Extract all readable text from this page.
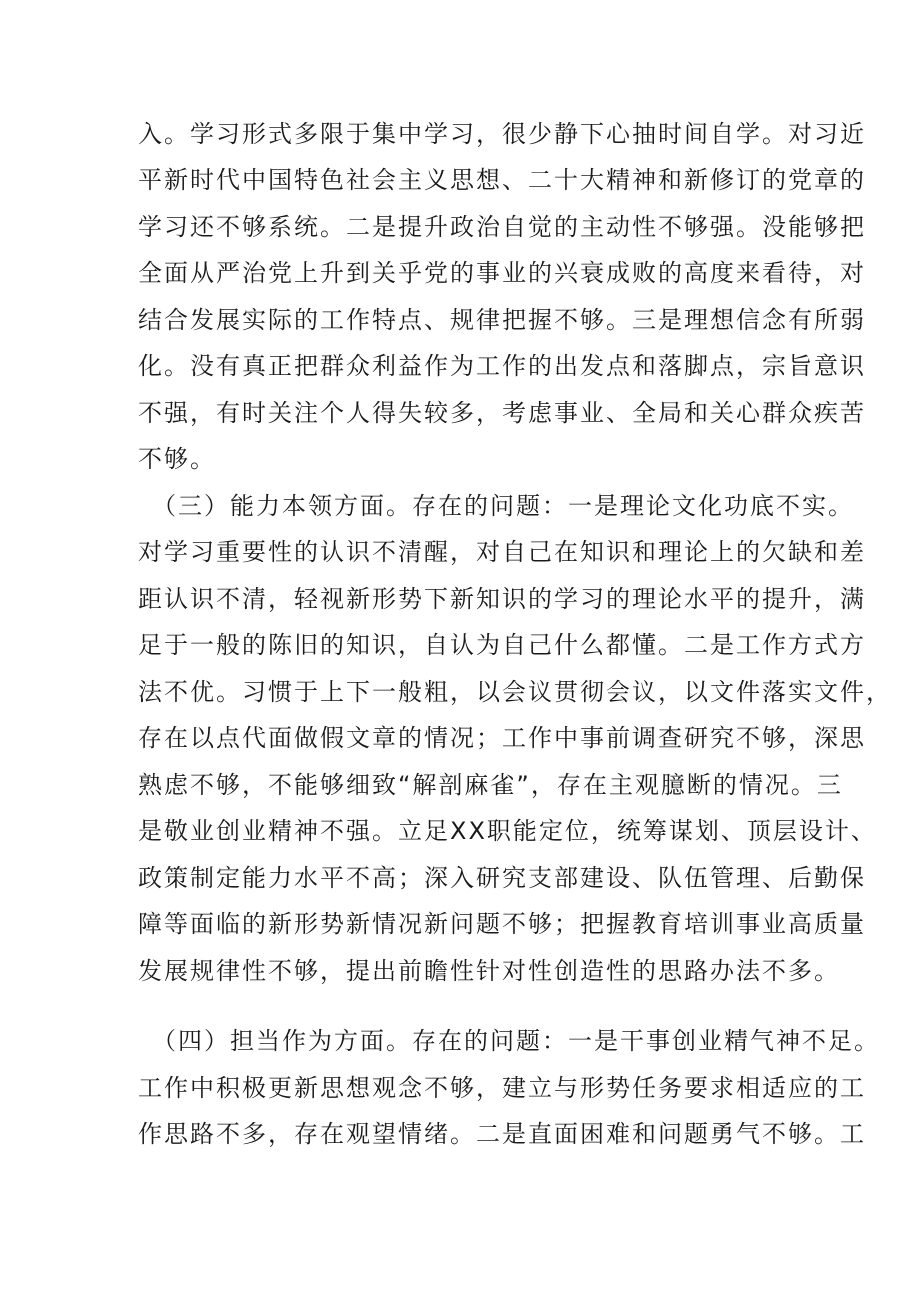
入。学习形式多限于集中学习，很少静下心抽时间自学。对习近
平新时代中国特色社会主义思想、二十大精神和新修订的党章的
学习还不够系统。二是提升政治自觉的主动性不够强。没能够把
全面从严治党上升到关乎党的事业的兴衰成败的高度来看待，对
结合发展实际的工作特点、规律把握不够。三是理想信念有所弱
化。没有真正把群众利益作为工作的出发点和落脚点，宗旨意识
不强，有时关注个人得失较多，考虑事业、全局和关心群众疾苦
不够。
（三）能力本领方面。存在的问题：一是理论文化功底不实。
对学习重要性的认识不清醒，对自己在知识和理论上的欠缺和差
距认识不清，轻视新形势下新知识的学习的理论水平的提升，满
足于一般的陈旧的知识，自认为自己什么都懂。二是工作方式方
法不优。习惯于上下一般粗，以会议贯彻会议，以文件落实文件，
存在以点代面做假文章的情况；工作中事前调查研究不够，深思
熟虑不够，不能够细致“解剖麻雀”，存在主观臆断的情况。三
是敬业创业精神不强。立足XX职能定位，统筹谋划、顶层设计、
政策制定能力水平不高；深入研究支部建设、队伍管理、后勤保
障等面临的新形势新情况新问题不够；把握教育培训事业高质量
发展规律性不够，提出前瞻性针对性创造性的思路办法不多。
（四）担当作为方面。存在的问题：一是干事创业精气神不足。
工作中积极更新思想观念不够，建立与形势任务要求相适应的工
作思路不多，存在观望情绪。二是直面困难和问题勇气不够。工
